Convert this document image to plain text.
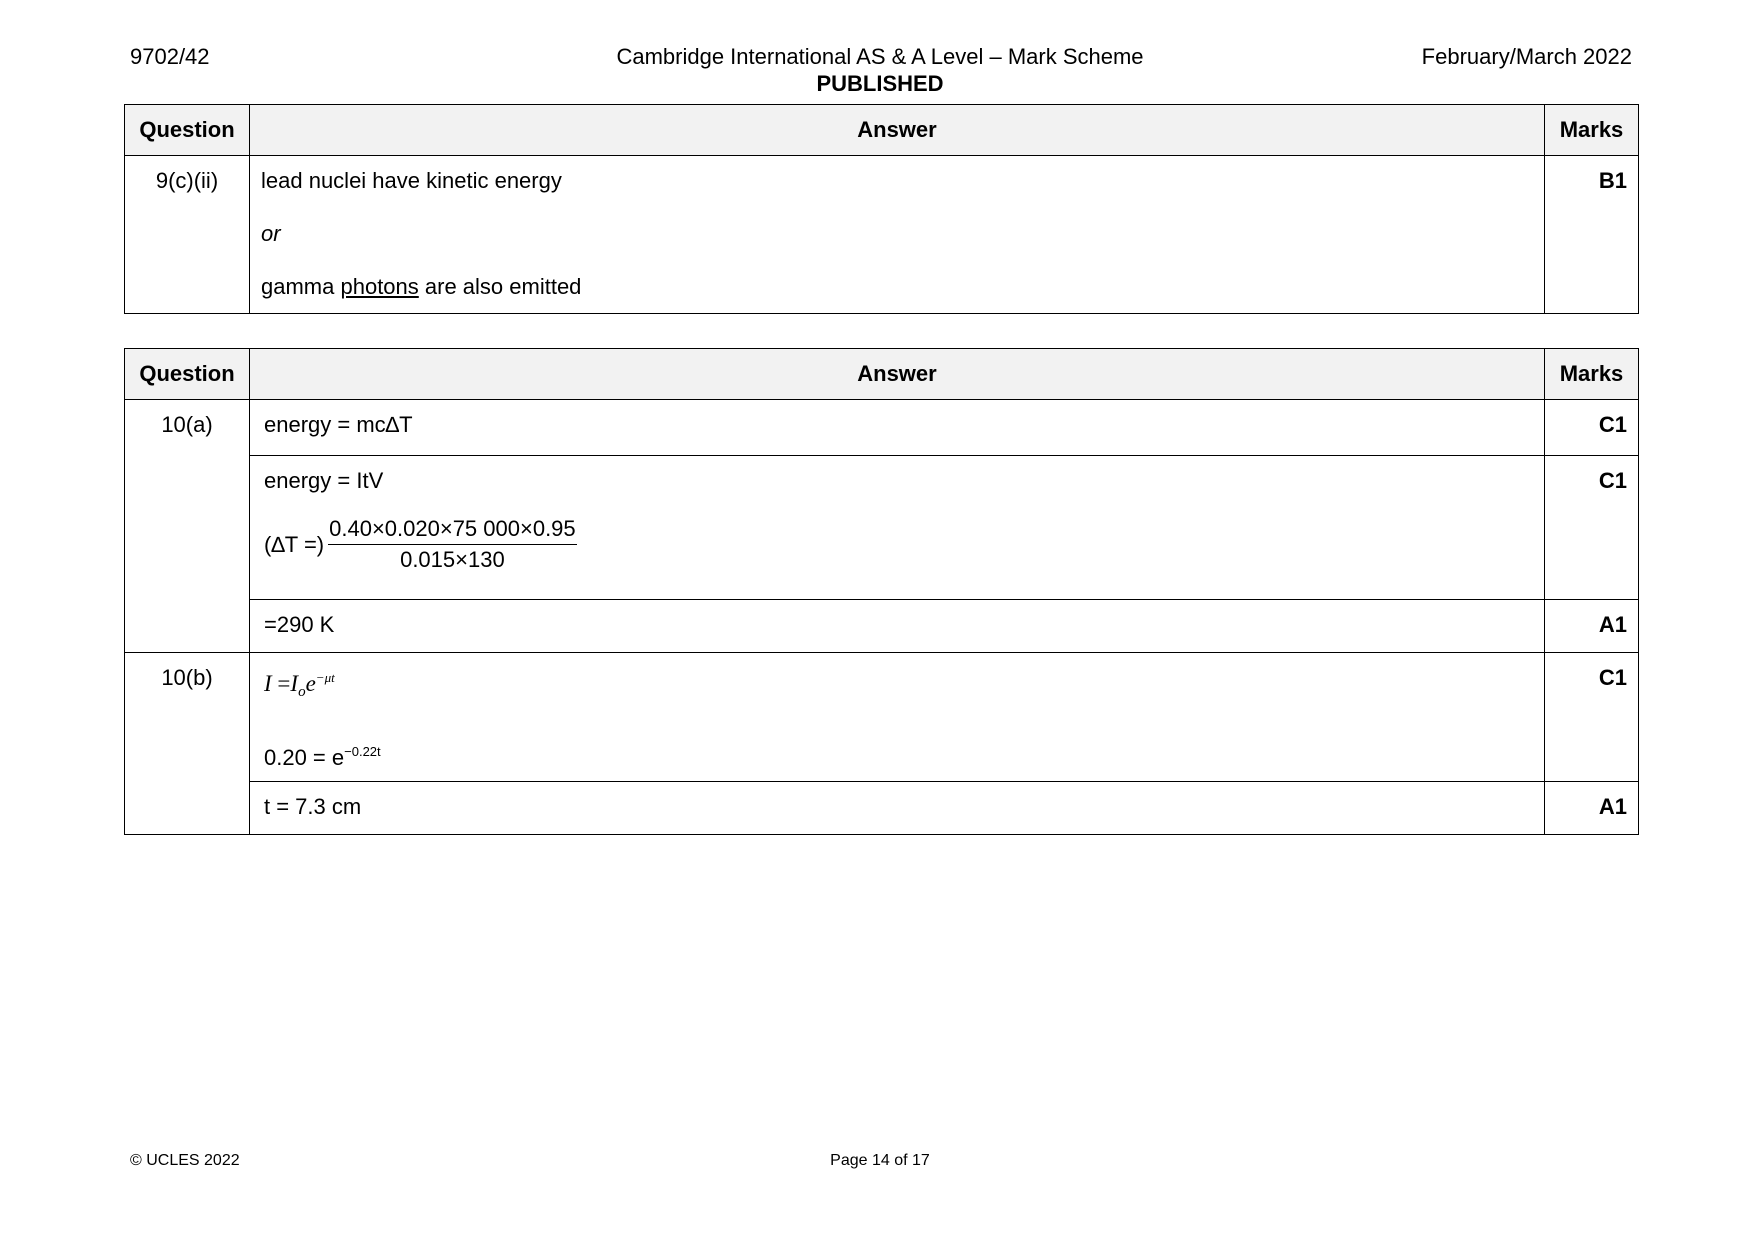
9702/42	Cambridge International AS & A Level – Mark Scheme	February/March 2022
PUBLISHED
Question	Answer	Marks
9(c)(ii)	lead nuclei have kinetic energy

or

gamma photons are also emitted	B1
Question	Answer	Marks
10(a)	energy = mc∆T	C1

	energy = ItV

(∆T =) $\frac{0.40\times 0.020\times 75 000\times 0.95}{0.015\times 130}$	C1
	=290 K	A1
10(b)	$I =I_oe^{-\mu t}$

$0.20 = e^{-0.22t}$	C1
	t = 7.3 cm	A1
© UCLES 2022	Page 14 of 17
